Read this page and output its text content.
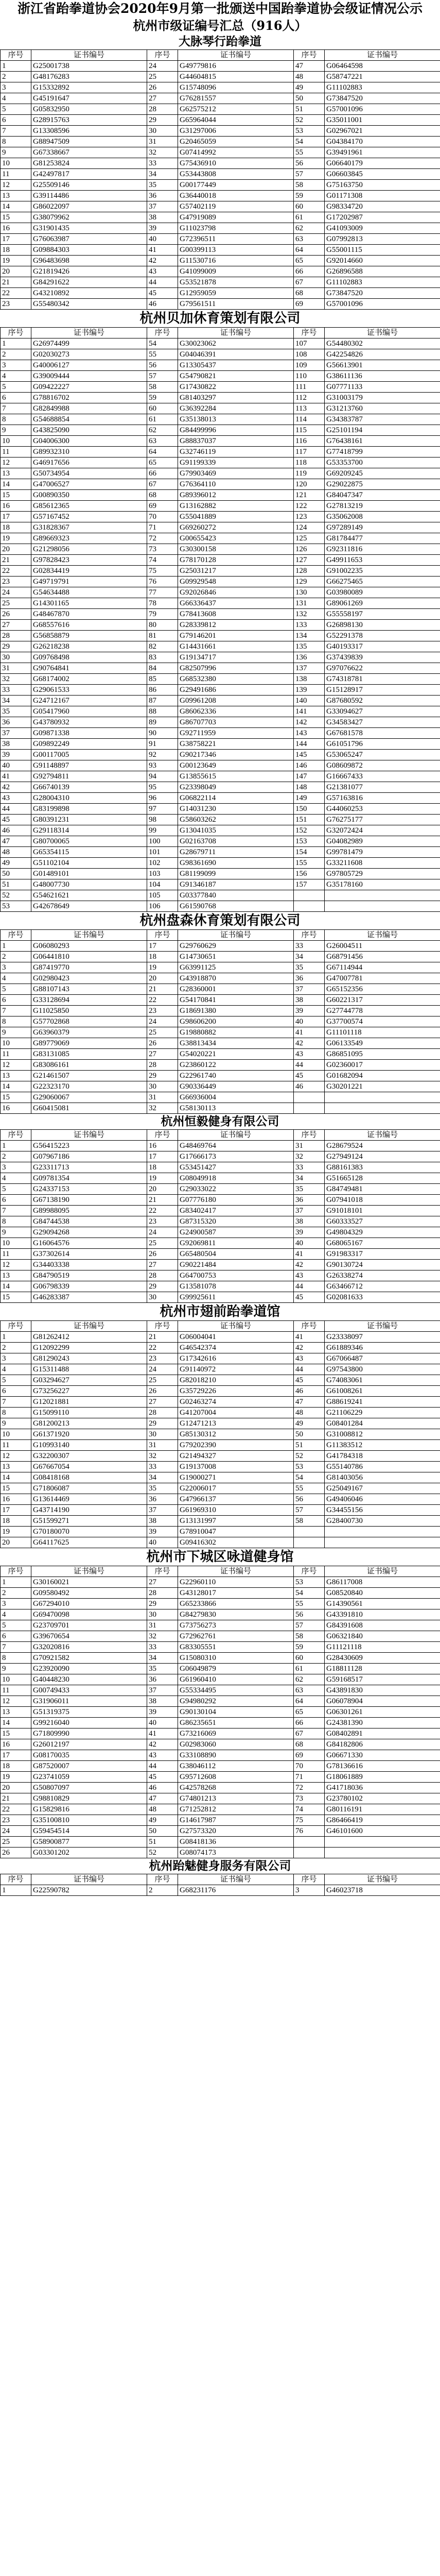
浙江省跆拳道协会2020年9月第一批颁送中国跆拳道协会级证情况公示
杭州市级证编号汇总（916人）
大脉琴行跆拳道
序号	证书编号	序号	证书编号	序号	证书编号
1	G25001738	24	G49779816	47	G06464598
2	G48176283	25	G44604815	48	G58747221
3	G15332892	26	G15748096	49	G11102883
4	G45191647	27	G76281557	50	G73847520
5	G05832950	28	G62575212	51	G57001096
6	G28915763	29	G65964044	52	G35011001
7	G13308596	30	G31297006	53	G02967021
8	G88947509	31	G20465059	54	G04384170
9	G67338667	32	G07414992	55	G39491961
10	G81253824	33	G75436910	56	G06640179
11	G42497817	34	G53443808	57	G06603845
12	G25509146	35	G00177449	58	G75163750
13	G39114486	36	G36440018	59	G01171308
14	G86022097	37	G57402119	60	G98334720
15	G38079962	38	G47919089	61	G17202987
16	G31901435	39	G11023798	62	G41093009
17	G76063987	40	G72396511	63	G07992813
18	G09884303	41	G00399113	64	G55001115
19	G96483698	42	G11530716	65	G92014660
20	G21819426	43	G41099009	66	G26896588
21	G84291622	44	G53521878	67	G11102883
22	G43210892	45	G12959059	68	G73847520
23	G55480342	46	G79561511	69	G57001096
杭州贝加休育策划有限公司
序号	证书编号	序号	证书编号	序号	证书编号
1	G26974499	54	G30023062	107	G54480302
2	G02030273	55	G04046391	108	G42254826
3	G40006127	56	G13305437	109	G56613901
4	G39009444	57	G54790821	110	G38611136
5	G09422227	58	G17430822	111	G07771133
6	G78816702	59	G81403297	112	G31003179
7	G82849988	60	G36392284	113	G31213760
8	G54688854	61	G35138013	114	G34383787
9	G43825090	62	G84499996	115	G25101194
10	G04006300	63	G88837037	116	G76438161
11	G89932310	64	G32746119	117	G77418799
12	G46917656	65	G91199339	118	G53353700
13	G50734954	66	G79903469	119	G69209245
14	G47006527	67	G76364110	120	G29022875
15	G00890350	68	G89396012	121	G84047347
16	G85612365	69	G13162882	122	G27813219
17	G57167452	70	G55041889	123	G35062008
18	G31828367	71	G69260272	124	G97289149
19	G89669323	72	G00655423	125	G81784477
20	G21298056	73	G30300158	126	G92311816
21	G97828423	74	G78170128	127	G49911653
22	G02834419	75	G25031217	128	G91002235
23	G49719791	76	G09929548	129	G66275465
24	G54634488	77	G92026846	130	G03980089
25	G14301165	78	G66336437	131	G89061269
26	G48467870	79	G78413608	132	G55558197
27	G68557616	80	G28339812	133	G26898130
28	G56858879	81	G79146201	134	G52291378
29	G26218238	82	G14431661	135	G40193317
30	G09768498	83	G19134717	136	G37439839
31	G90764841	84	G82507996	137	G97076622
32	G68174002	85	G68532380	138	G74318781
33	G29061533	86	G29491686	139	G15128917
34	G24712167	87	G09961208	140	G87680592
35	G05417960	88	G86062336	141	G33094627
36	G43780932	89	G86707703	142	G34583427
37	G09871338	90	G92711959	143	G67681578
38	G09892249	91	G38758221	144	G61051796
39	G00117005	92	G90217346	145	G53065247
40	G91148897	93	G00123649	146	G08609872
41	G92794811	94	G13855615	147	G16667433
42	G66740139	95	G23398049	148	G21381077
43	G28004310	96	G06822114	149	G57163816
44	G83199898	97	G14031230	150	G44060253
45	G80391231	98	G58603262	151	G76275177
46	G29118314	99	G13041035	152	G32072424
47	G80700065	100	G02163708	153	G04082989
48	G65354115	101	G28679711	154	G99781479
49	G51102104	102	G98361690	155	G33211608
50	G01489101	103	G81199099	156	G97805729
51	G48007730	104	G91346187	157	G35178160
52	G54621621	105	G03377840		
53	G42678649	106	G61590768		
杭州盘森休育策划有限公司
序号	证书编号	序号	证书编号	序号	证书编号
1	G06080293	17	G29760629	33	G26004511
2	G06441810	18	G14730651	34	G68791456
3	G87419770	19	G63991125	35	G67114944
4	G02980423	20	G43918870	36	G47007781
5	G88107143	21	G28360001	37	G65152356
6	G33128694	22	G54170841	38	G60221317
7	G11025850	23	G18691380	39	G27744778
8	G57702868	24	G98606200	40	G37700574
9	G63960379	25	G19880882	41	G11101118
10	G89779069	26	G38813434	42	G06133549
11	G83131085	27	G54020221	43	G86851095
12	G83086161	28	G23860122	44	G02360017
13	G21461507	29	G22961740	45	G01682094
14	G22323170	30	G90336449	46	G30201221
15	G29060067	31	G66936004		
16	G60415081	32	G58130113		
杭州恒毅健身有限公司
序号	证书编号	序号	证书编号	序号	证书编号
1	G56415223	16	G48469764	31	G28679524
2	G07967186	17	G17666173	32	G27949124
3	G23311713	18	G53451427	33	G88161383
4	G09781354	19	G08049918	34	G51665128
5	G24337153	20	G29033022	35	G84749481
6	G67138190	21	G07776180	36	G07941018
7	G89988095	22	G83402417	37	G91018101
8	G84744538	23	G87315320	38	G60333527
9	G29094268	24	G24900587	39	G49804329
10	G16064576	25	G92069811	40	G68065167
11	G37302614	26	G65480504	41	G91983317
12	G34403338	27	G90221484	42	G90130724
13	G84790519	28	G64700753	43	G26338274
14	G06798339	29	G13581078	44	G63466712
15	G46283387	30	G99925611	45	G02081633
杭州市翅前跆拳道馆
序号	证书编号	序号	证书编号	序号	证书编号
1	G81262412	21	G06004041	41	G23338097
2	G12092299	22	G46542374	42	G61889346
3	G81290243	23	G17342616	43	G67066487
4	G15311488	24	G91140972	44	G97543800
5	G03294627	25	G82018210	45	G74083061
6	G73256227	26	G35729226	46	G61008261
7	G12021881	27	G02463274	47	G88619241
8	G15099110	28	G41207004	48	G21106229
9	G81200213	29	G12471213	49	G08401284
10	G61371920	30	G85130312	50	G31008812
11	G10993140	31	G79202390	51	G11383512
12	G32200307	32	G21494327	52	G41784318
13	G67667054	33	G19137008	53	G55140786
14	G08418168	34	G19000271	54	G81403056
15	G71806087	35	G22006017	55	G25049167
16	G13614469	36	G47966137	56	G49406046
17	G43714190	37	G61969310	57	G34455156
18	G51599271	38	G13131997	58	G28400730
19	G70180070	39	G78910047		
20	G64117625	40	G09416302		
杭州市下城区咏道健身馆
序号	证书编号	序号	证书编号	序号	证书编号
1	G30160021	27	G22960110	53	G86117008
2	G09580492	28	G43128017	54	G08520840
3	G67294010	29	G65233866	55	G14390561
4	G69470098	30	G84279830	56	G43391810
5	G23709701	31	G73756273	57	G84391608
6	G39670654	32	G72962761	58	G06321840
7	G32020816	33	G83305551	59	G11121118
8	G70921582	34	G15080310	60	G28430609
9	G23920090	35	G06049879	61	G18811128
10	G40448230	36	G61960410	62	G59168517
11	G00749433	37	G55334495	63	G43891830
12	G31906011	38	G94980292	64	G06078904
13	G51319375	39	G90130104	65	G06301261
14	G99216040	40	G86235651	66	G24381390
15	G71809990	41	G73216069	67	G08402891
16	G26012197	42	G02983060	68	G84182806
17	G08170035	43	G33108890	69	G06671330
18	G87520007	44	G38046112	70	G78136616
19	G23741059	45	G95712608	71	G18061889
20	G50807097	46	G42578268	72	G41718036
21	G98810829	47	G74801213	73	G23780102
22	G15829816	48	G71252812	74	G80116191
23	G35100810	49	G14617987	75	G86466419
24	G59454514	50	G27573320	76	G46101600
25	G58900877	51	G08418136		
26	G03301202	52	G08074173		
杭州跆魅健身服务有限公司
序号	证书编号	序号	证书编号	序号	证书编号
1	G22590782	2	G68231176	3	G46023718
